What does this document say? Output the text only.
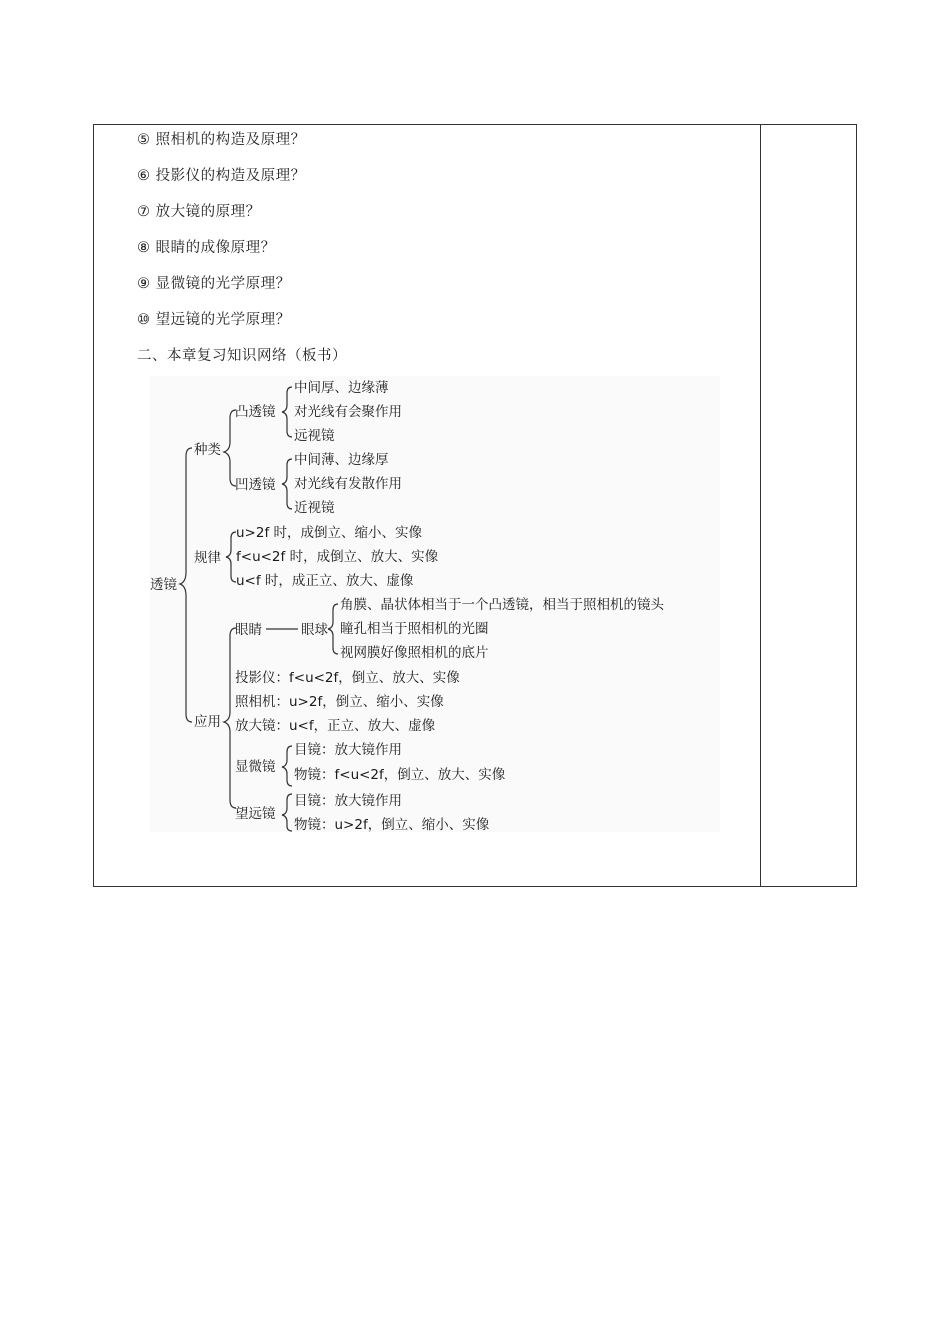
⑤ 照相机的构造及原理？
⑥ 投影仪的构造及原理？
⑦ 放大镜的原理？
⑧ 眼睛的成像原理？
⑨ 显微镜的光学原理？
⑩ 望远镜的光学原理？
二、本章复习知识网络（板书）
透镜
种类
凸透镜
中间厚、边缘薄
对光线有会聚作用
远视镜
凹透镜
中间薄、边缘厚
对光线有发散作用
近视镜
规律
u>2f 时，成倒立、缩小、实像
f<u<2f 时，成倒立、放大、实像
u<f 时，成正立、放大、虚像
应用
眼睛	眼球
角膜、晶状体相当于一个凸透镜，相当于照相机的镜头
瞳孔相当于照相机的光圈
视网膜好像照相机的底片
投影仪：f<u<2f，倒立、放大、实像
照相机：u>2f，倒立、缩小、实像
放大镜：u<f，正立、放大、虚像
显微镜
目镜：放大镜作用
物镜：f<u<2f，倒立、放大、实像
望远镜
目镜：放大镜作用
物镜：u>2f，倒立、缩小、实像
